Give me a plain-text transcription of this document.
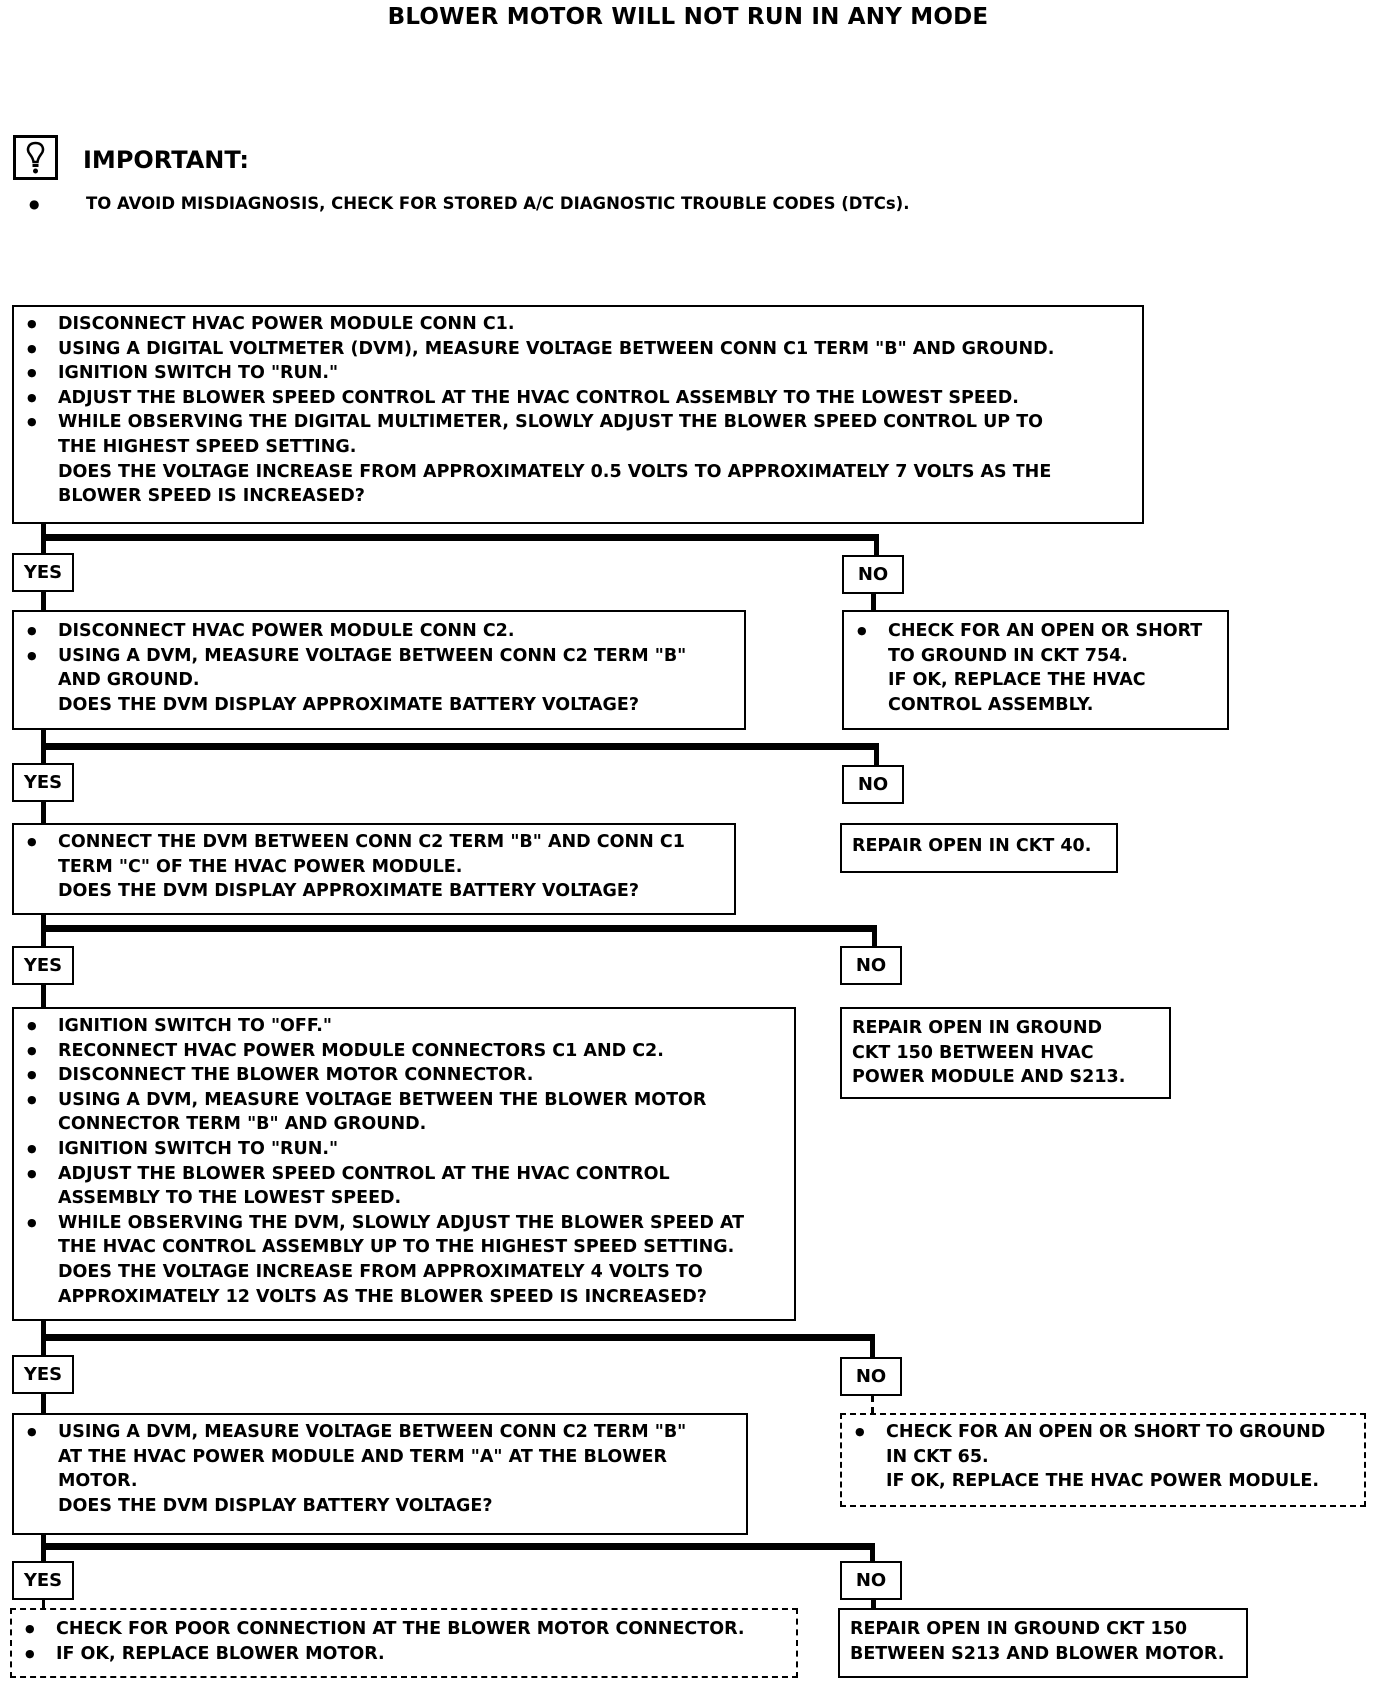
BLOWER MOTOR WILL NOT RUN IN ANY MODE
IMPORTANT:
●	TO AVOID MISDIAGNOSIS, CHECK FOR STORED A/C DIAGNOSTIC TROUBLE CODES (DTCs).
● DISCONNECT HVAC POWER MODULE CONN C1.
● USING A DIGITAL VOLTMETER (DVM), MEASURE VOLTAGE BETWEEN CONN C1 TERM "B" AND GROUND.
● IGNITION SWITCH TO "RUN."
● ADJUST THE BLOWER SPEED CONTROL AT THE HVAC CONTROL ASSEMBLY TO THE LOWEST SPEED.
● WHILE OBSERVING THE DIGITAL MULTIMETER, SLOWLY ADJUST THE BLOWER SPEED CONTROL UP TO
THE HIGHEST SPEED SETTING.
DOES THE VOLTAGE INCREASE FROM APPROXIMATELY 0.5 VOLTS TO APPROXIMATELY 7 VOLTS AS THE
BLOWER SPEED IS INCREASED?
YES	NO
● DISCONNECT HVAC POWER MODULE CONN C2.
● USING A DVM, MEASURE VOLTAGE BETWEEN CONN C2 TERM "B"
AND GROUND.
DOES THE DVM DISPLAY APPROXIMATE BATTERY VOLTAGE?
● CHECK FOR AN OPEN OR SHORT
TO GROUND IN CKT 754.
IF OK, REPLACE THE HVAC
CONTROL ASSEMBLY.
YES	NO
● CONNECT THE DVM BETWEEN CONN C2 TERM "B" AND CONN C1
TERM "C" OF THE HVAC POWER MODULE.
DOES THE DVM DISPLAY APPROXIMATE BATTERY VOLTAGE?
REPAIR OPEN IN CKT 40.
YES	NO
● IGNITION SWITCH TO "OFF."
● RECONNECT HVAC POWER MODULE CONNECTORS C1 AND C2.
● DISCONNECT THE BLOWER MOTOR CONNECTOR.
● USING A DVM, MEASURE VOLTAGE BETWEEN THE BLOWER MOTOR
CONNECTOR TERM "B" AND GROUND.
● IGNITION SWITCH TO "RUN."
● ADJUST THE BLOWER SPEED CONTROL AT THE HVAC CONTROL
ASSEMBLY TO THE LOWEST SPEED.
● WHILE OBSERVING THE DVM, SLOWLY ADJUST THE BLOWER SPEED AT
THE HVAC CONTROL ASSEMBLY UP TO THE HIGHEST SPEED SETTING.
DOES THE VOLTAGE INCREASE FROM APPROXIMATELY 4 VOLTS TO
APPROXIMATELY 12 VOLTS AS THE BLOWER SPEED IS INCREASED?
REPAIR OPEN IN GROUND
CKT 150 BETWEEN HVAC
POWER MODULE AND S213.
YES	NO
● USING A DVM, MEASURE VOLTAGE BETWEEN CONN C2 TERM "B"
AT THE HVAC POWER MODULE AND TERM "A" AT THE BLOWER
MOTOR.
DOES THE DVM DISPLAY BATTERY VOLTAGE?
● CHECK FOR AN OPEN OR SHORT TO GROUND
IN CKT 65.
IF OK, REPLACE THE HVAC POWER MODULE.
YES	NO
● CHECK FOR POOR CONNECTION AT THE BLOWER MOTOR CONNECTOR.
● IF OK, REPLACE BLOWER MOTOR.
REPAIR OPEN IN GROUND CKT 150
BETWEEN S213 AND BLOWER MOTOR.
